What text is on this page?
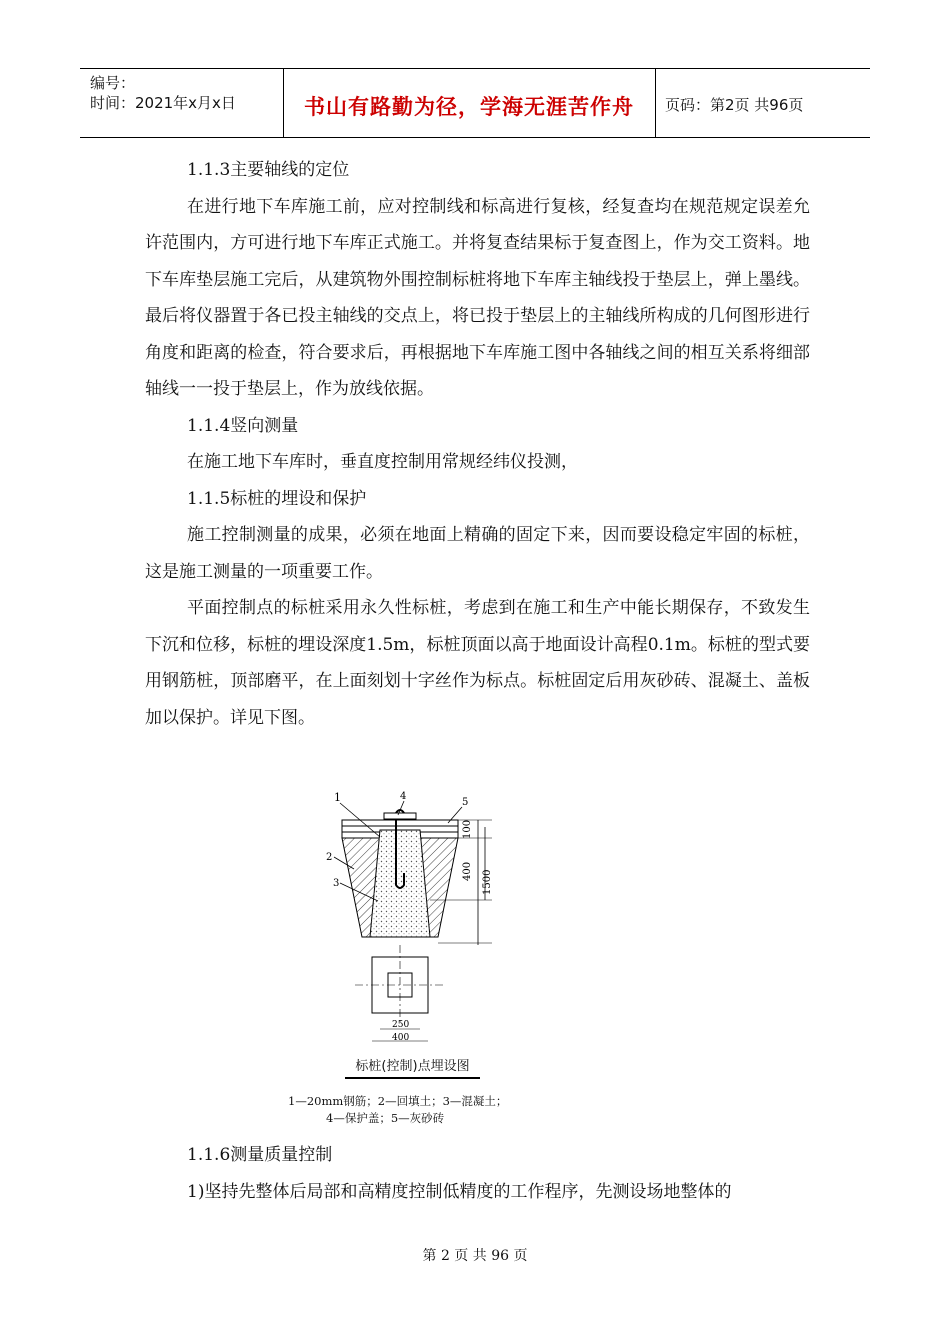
编号：
时间：2021年x月x日	书山有路勤为径，学海无涯苦作舟	页码：第2页 共96页

1.1.3主要轴线的定位

在进行地下车库施工前，应对控制线和标高进行复核，经复查均在规范规定误差允许范围内，方可进行地下车库正式施工。并将复查结果标于复查图上，作为交工资料。地下车库垫层施工完后，从建筑物外围控制标桩将地下车库主轴线投于垫层上，弹上墨线。最后将仪器置于各已投主轴线的交点上，将已投于垫层上的主轴线所构成的几何图形进行角度和距离的检查，符合要求后，再根据地下车库施工图中各轴线之间的相互关系将细部轴线一一投于垫层上，作为放线依据。

1.1.4竖向测量

在施工地下车库时，垂直度控制用常规经纬仪投测，

1.1.5标桩的埋设和保护

施工控制测量的成果，必须在地面上精确的固定下来，因而要设稳定牢固的标桩，这是施工测量的一项重要工作。

平面控制点的标桩采用永久性标桩，考虑到在施工和生产中能长期保存，不致发生下沉和位移，标桩的埋设深度1.5m，标桩顶面以高于地面设计高程0.1m。标桩的型式要用钢筋桩，顶部磨平，在上面刻划十字丝作为标点。标桩固定后用灰砂砖、混凝土、盖板加以保护。详见下图。

1	4
5
2
3
100
400 1500
250
400
标桩(控制)点埋设图
1—20mm钢筋；2—回填土；3—混凝土；
4—保护盖；5—灰砂砖

1.1.6测量质量控制

1)坚持先整体后局部和高精度控制低精度的工作程序，先测设场地整体的

第 2 页 共 96 页
